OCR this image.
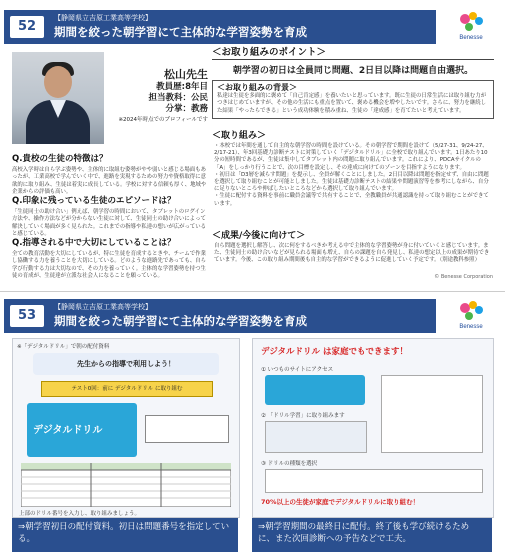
52
【静岡県立吉原工業高等学校】
期間を絞った朝学習にて主体的な学習姿勢を育成	Benesse
松山先生
教員歴:8年目
担当教科：公民
分掌：教務
※2024年時点でのプロフィールです
Q.貴校の生徒の特徴は？
高校入学時は自ら学ぶ姿勢や、主体的に取組む姿勢がやや弱いと感じる場面もあったが、工業高校で学んでいく中で、進路を実現するための努力や資格取得に意欲的に取り組み、生徒は着実に成長している。学校に対する信頼も厚く、地域や企業からの評価も高い。
Q.印象に残っている生徒のエピソードは？
「生徒同士の助け合い」例えば、朝学習の時間において、タブレットのログイン方法や、操作方法などが分からない生徒に対して、生徒同士の助け合いによって解決していく場面が多く見られた。これまでの指導や私達の想いが広がっていると感じている。
Q.指導される中で大切にしていることは？
全ての教育活動を大切にしているが、特に生徒を育成するときや、チームで作業し協働する力を養うことを大切にしている。どのような進路先であっても、自ら学び行動する力は大切なので、その力を養っていく。主体的な学習姿勢を持つ生徒の育成が、生徒達が立派な社会人になることを願っている。
＜お取り組みのポイント＞
朝学習の初日は全員同じ問題、2日目以降は問題自由選択。
＜お取り組みの背景＞
私達は生徒を多面的に褒めて「自己肯定感」を養いたいと思っています。既に生徒の日常生活には取り組む力がつきはじめていますが、その他の生活にも重点を置いて、褒める機会を増やしたいです。さらに、努力を継続した結果「やったらできる」という成功体験を積み重ね、生徒の「達成感」を育てたいと考えています。
＜取り組み＞
・本校では年間を通して自主的な朝学習の時間を設けている。その朝学習で期間を設けて（5/27-31、9/24-27、2/17-21）、年3回基礎力診断テストに対策していく「デジタルドリル」に全校で取り組んでいます。1日あたり10分の短時間であるが、生徒は集中してタブレット内の問題に取り組んでいます。これにより、PDCAサイクルの「A」をしっかり行うことで、次の目標を設定し、その達成に向けてのゾーンを目指すようになります。
・初日は「D3層を減らす問題」を提示し、全員が解くことにしました。2日目以降は問題を指定せず、自由に問題を選択して取り組むことが可能としました。生徒は基礎力診断テストの結果や問題演習等を参考にしながら、自分に足りないところや伸ばしたいところなどから選択して取り組んでいます。
・生徒に配付する資料を事前に職員会議等で共有することで、全教職員が共通認識を持って取り組むことができています。
＜成果/今後に向けて＞
自ら問題を選択し解答し、次に何をするべきか考える中で主体的な学習姿勢が身に付いていくと感じています。また、生徒同士の助け合いなどが見られる場面も増え、自らの課題を自ら発見し、私達の想定以上の成果が期待できています。今後、この取り組み期間後も自主的な学習ができるように促進していく予定です。（別途教科参照）
© Benesse Corporation
53
【静岡県立吉原工業高等学校】
期間を絞った朝学習にて主体的な学習姿勢を育成	Benesse
※「デジタルドリル」で朝の配付資料
先生からの指導で利用しよう！
テスト0回：前に デジタルドリル に取り組む
デジタルドリル
上部のドリル番号を入力し、取り組みましょう。
デジタルドリル は家庭でもできます！
① いつものサイトにアクセス
② 「ドリル学習」に取り組みます
③ ドリルの種類を選択
70%以上の生徒が家庭でデジタルドリルに取り組む！
⇒朝学習初日の配付資料。初日は問題番号を指定している。
⇒朝学習期間の最終日に配付。終了後も学び続けるために、また次回診断への予告などで工夫。
